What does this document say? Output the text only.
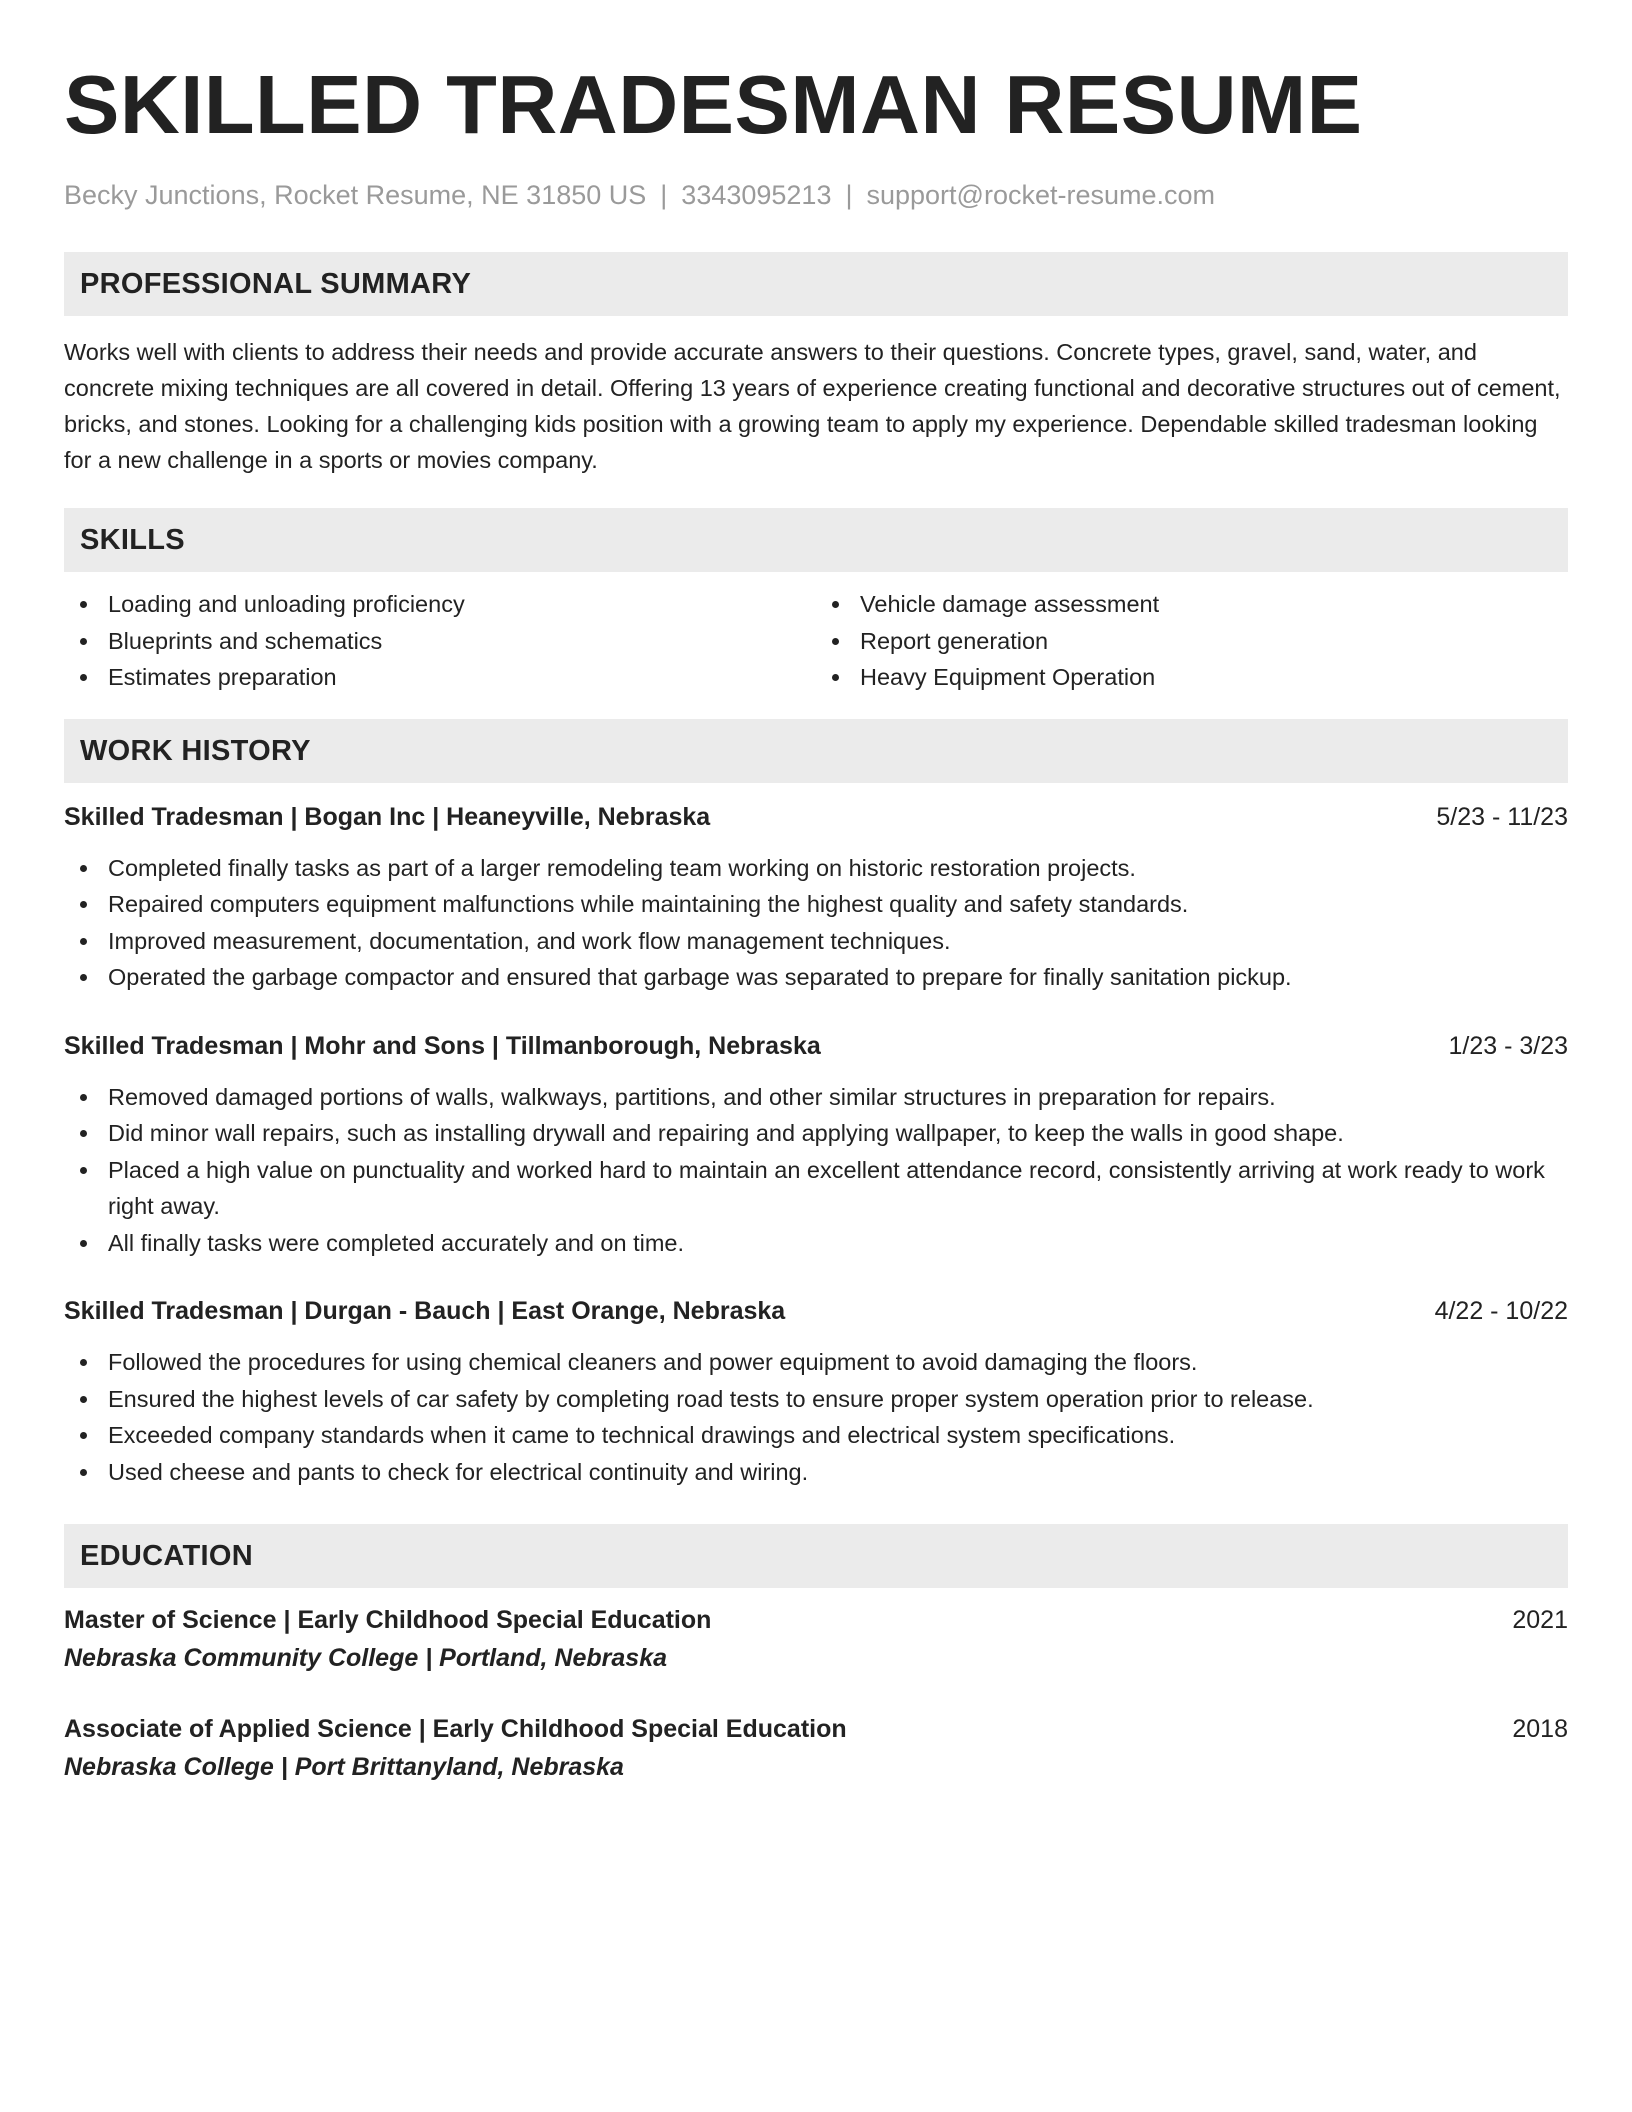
SKILLED TRADESMAN RESUME
Becky Junctions, Rocket Resume, NE 31850 US | 3343095213 | support@rocket-resume.com
PROFESSIONAL SUMMARY

Works well with clients to address their needs and provide accurate answers to their questions. Concrete types, gravel, sand, water, and concrete mixing techniques are all covered in detail. Offering 13 years of experience creating functional and decorative structures out of cement, bricks, and stones. Looking for a challenging kids position with a growing team to apply my experience. Dependable skilled tradesman looking for a new challenge in a sports or movies company.

SKILLS
Loading and unloading proficiency
Blueprints and schematics
Estimates preparation
Vehicle damage assessment
Report generation
Heavy Equipment Operation
WORK HISTORY
Skilled Tradesman | Bogan Inc | Heaneyville, Nebraska	5/23 - 11/23
Completed finally tasks as part of a larger remodeling team working on historic restoration projects.
Repaired computers equipment malfunctions while maintaining the highest quality and safety standards.
Improved measurement, documentation, and work flow management techniques.
Operated the garbage compactor and ensured that garbage was separated to prepare for finally sanitation pickup.
Skilled Tradesman | Mohr and Sons | Tillmanborough, Nebraska	1/23 - 3/23
Removed damaged portions of walls, walkways, partitions, and other similar structures in preparation for repairs.
Did minor wall repairs, such as installing drywall and repairing and applying wallpaper, to keep the walls in good shape.
Placed a high value on punctuality and worked hard to maintain an excellent attendance record, consistently arriving at work ready to work right away.
All finally tasks were completed accurately and on time.
Skilled Tradesman | Durgan - Bauch | East Orange, Nebraska	4/22 - 10/22
Followed the procedures for using chemical cleaners and power equipment to avoid damaging the floors.
Ensured the highest levels of car safety by completing road tests to ensure proper system operation prior to release.
Exceeded company standards when it came to technical drawings and electrical system specifications.
Used cheese and pants to check for electrical continuity and wiring.
EDUCATION
Master of Science | Early Childhood Special Education	2021
Nebraska Community College | Portland, Nebraska
Associate of Applied Science | Early Childhood Special Education	2018
Nebraska College | Port Brittanyland, Nebraska
